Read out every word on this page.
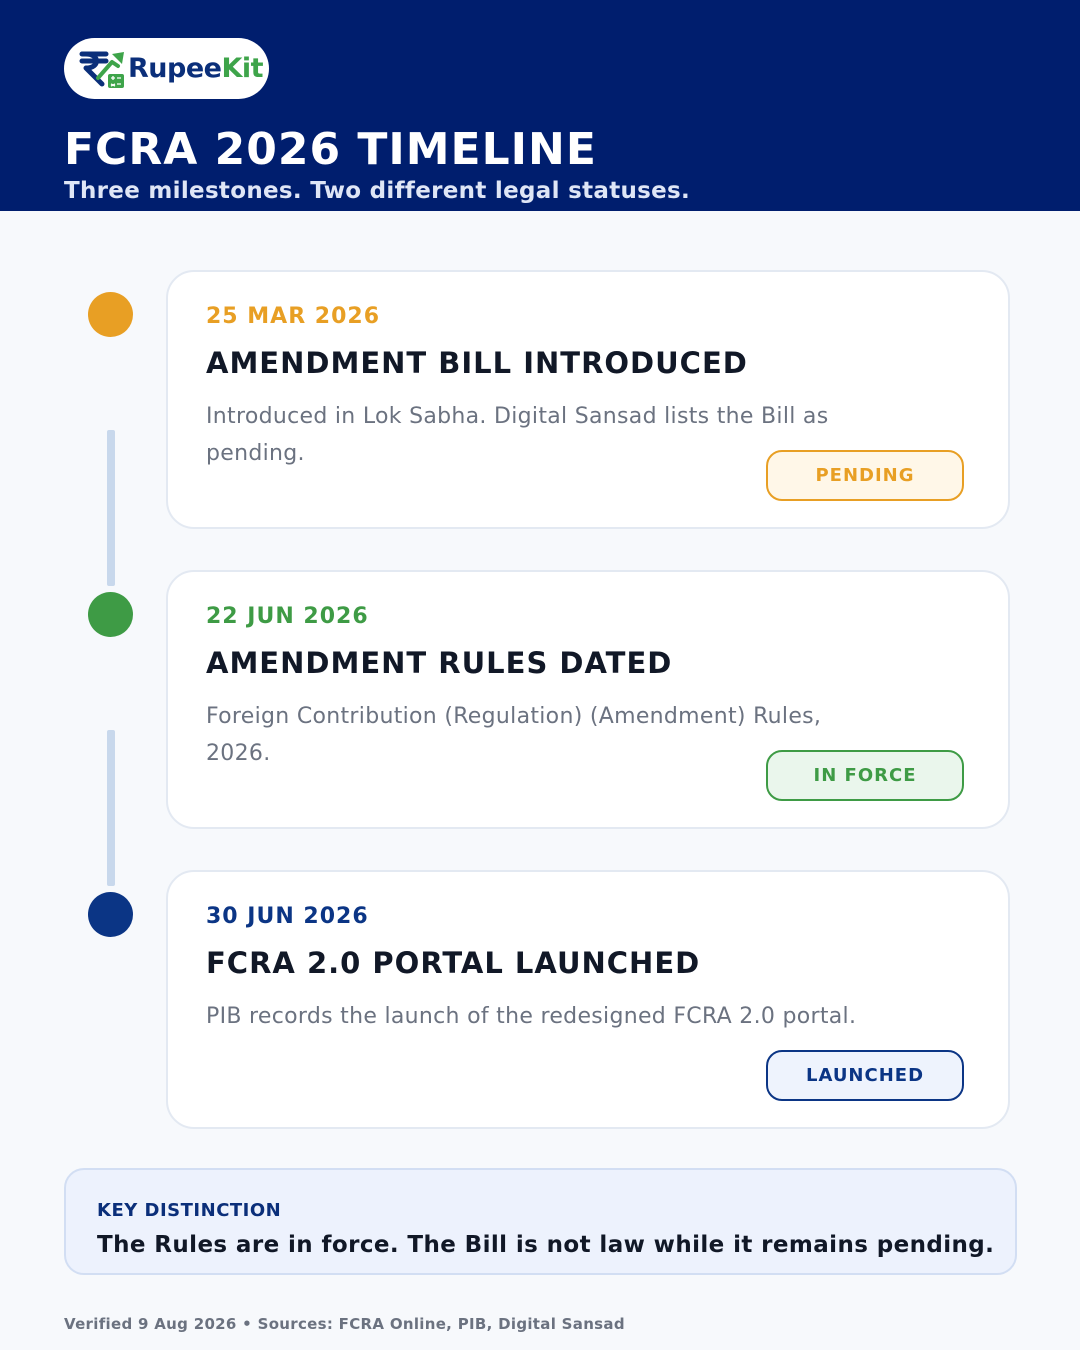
RupeeKit
FCRA 2026 TIMELINE
Three milestones. Two different legal statuses.
25 MAR 2026
AMENDMENT BILL INTRODUCED
Introduced in Lok Sabha. Digital Sansad lists the Bill as pending.
PENDING
22 JUN 2026
AMENDMENT RULES DATED
Foreign Contribution (Regulation) (Amendment) Rules, 2026.
IN FORCE
30 JUN 2026
FCRA 2.0 PORTAL LAUNCHED
PIB records the launch of the redesigned FCRA 2.0 portal.
LAUNCHED
KEY DISTINCTION
The Rules are in force. The Bill is not law while it remains pending.
Verified 9 Aug 2026 • Sources: FCRA Online, PIB, Digital Sansad
